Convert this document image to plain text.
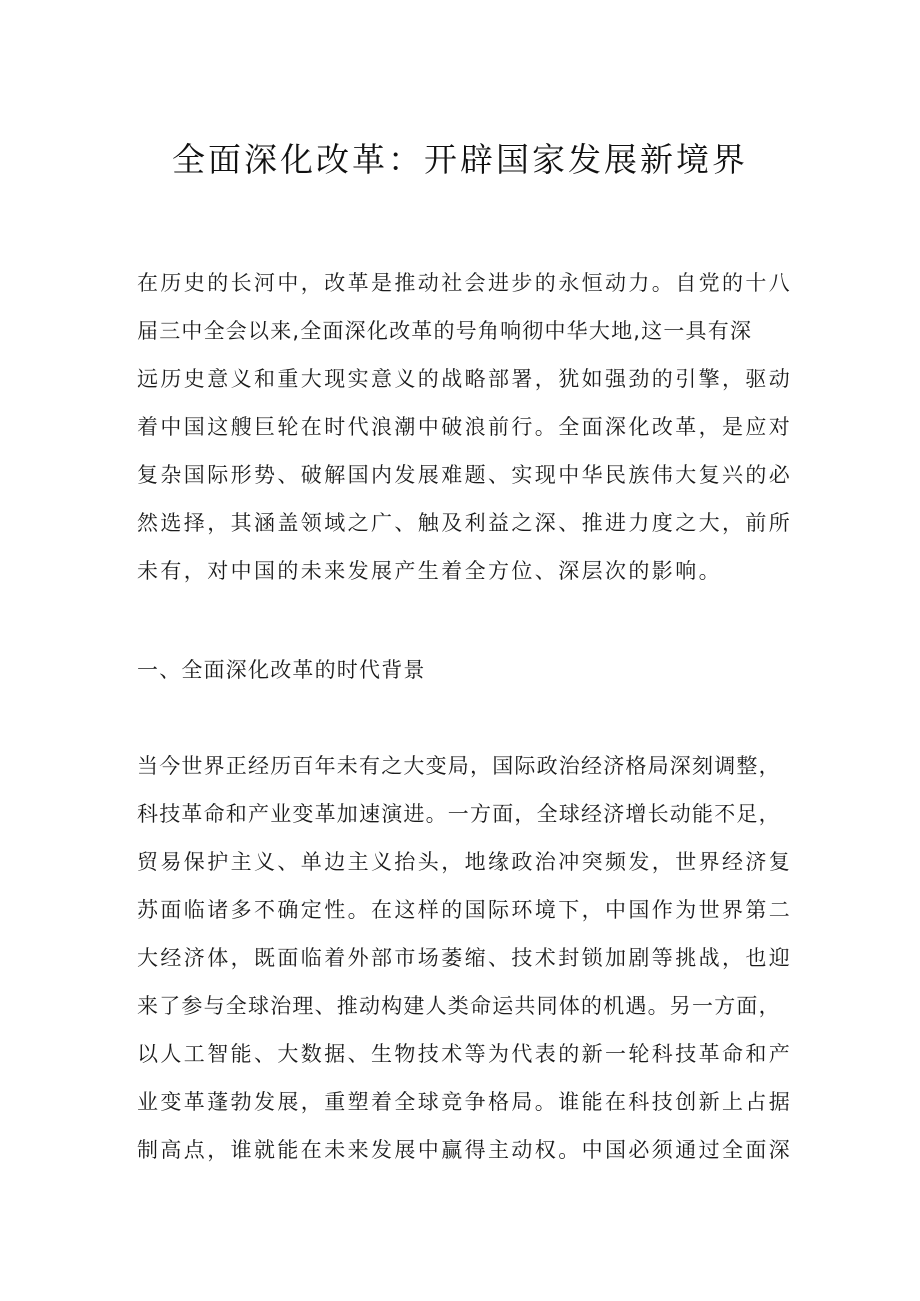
全面深化改革：开辟国家发展新境界
在历史的长河中，改革是推动社会进步的永恒动力。自党的十八
届三中全会以来,全面深化改革的号角响彻中华大地,这一具有深
远历史意义和重大现实意义的战略部署，犹如强劲的引擎，驱动
着中国这艘巨轮在时代浪潮中破浪前行。全面深化改革，是应对
复杂国际形势、破解国内发展难题、实现中华民族伟大复兴的必
然选择，其涵盖领域之广、触及利益之深、推进力度之大，前所
未有，对中国的未来发展产生着全方位、深层次的影响。
一、全面深化改革的时代背景
当今世界正经历百年未有之大变局，国际政治经济格局深刻调整，
科技革命和产业变革加速演进。一方面，全球经济增长动能不足，
贸易保护主义、单边主义抬头，地缘政治冲突频发，世界经济复
苏面临诸多不确定性。在这样的国际环境下，中国作为世界第二
大经济体，既面临着外部市场萎缩、技术封锁加剧等挑战，也迎
来了参与全球治理、推动构建人类命运共同体的机遇。另一方面，
以人工智能、大数据、生物技术等为代表的新一轮科技革命和产
业变革蓬勃发展，重塑着全球竞争格局。谁能在科技创新上占据
制高点，谁就能在未来发展中赢得主动权。中国必须通过全面深
